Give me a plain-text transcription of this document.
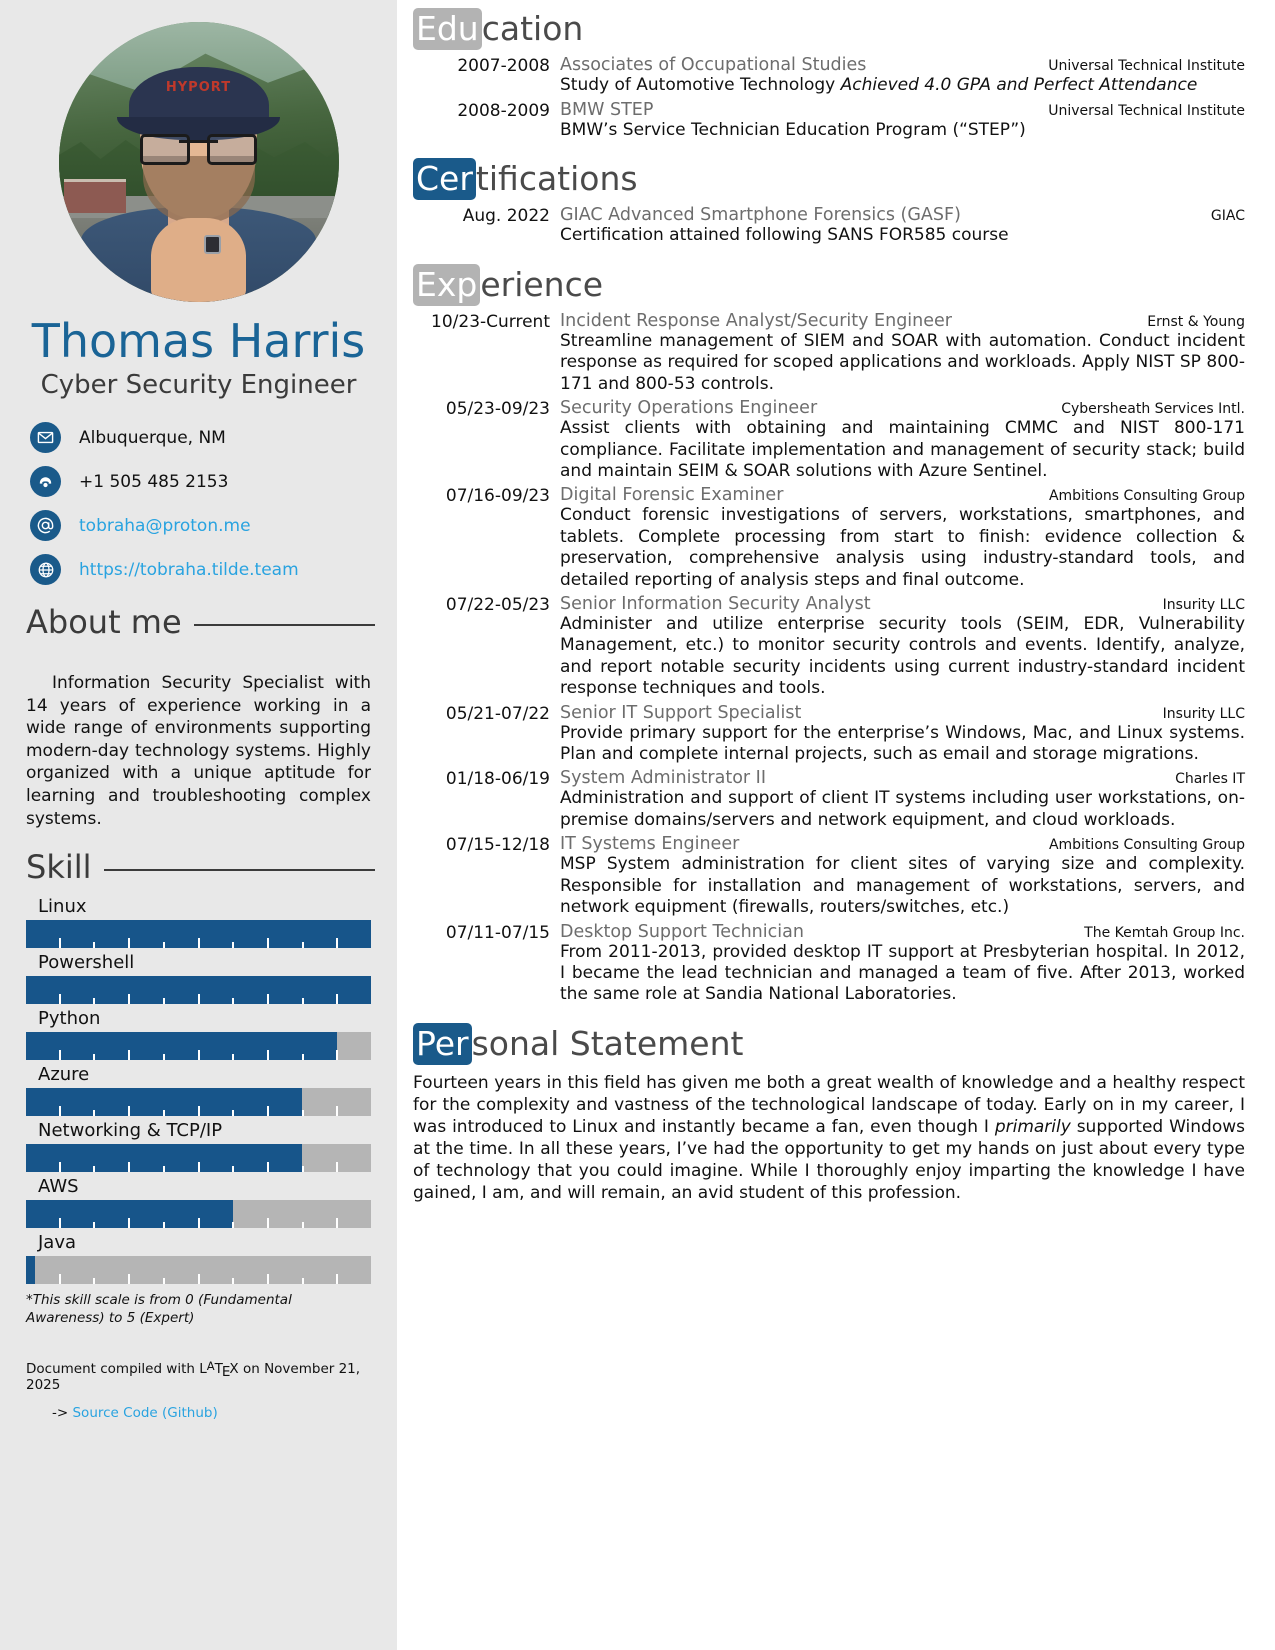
HYPORT
Thomas Harris
Cyber Security Engineer
Albuquerque, NM
+1 505 485 2153
tobraha@proton.me
https://tobraha.tilde.team
About me

Information Security Specialist with 14 years of experience working in a wide range of environments supporting modern-day technology systems. Highly organized with a unique aptitude for learning and troubleshooting complex systems.

Skill
Linux
Powershell
Python
Azure
Networking & TCP/IP
AWS
Java
*This skill scale is from 0 (Fundamental Awareness) to 5 (Expert)
Document compiled with LATEX on November 21, 2025
-> Source Code (Github)
Education
2007-2008 Associates of Occupational Studies	Universal Technical Institute
Study of Automotive Technology Achieved 4.0 GPA and Perfect Attendance
2008-2009 BMW STEP	Universal Technical Institute
BMW’s Service Technician Education Program (“STEP”)
Certifications
Aug. 2022 GIAC Advanced Smartphone Forensics (GASF)	GIAC
Certification attained following SANS FOR585 course
Experience
10/23-Current Incident Response Analyst/Security Engineer	Ernst & Young
Streamline management of SIEM and SOAR with automation. Conduct incident response as required for scoped applications and workloads. Apply NIST SP 800-171 and 800-53 controls.
05/23-09/23 Security Operations Engineer	Cybersheath Services Intl.
Assist clients with obtaining and maintaining CMMC and NIST 800-171 compliance. Facilitate implementation and management of security stack; build and maintain SEIM & SOAR solutions with Azure Sentinel.
07/16-09/23 Digital Forensic Examiner	Ambitions Consulting Group
Conduct forensic investigations of servers, workstations, smartphones, and tablets. Complete processing from start to finish: evidence collection & preservation, comprehensive analysis using industry-standard tools, and detailed reporting of analysis steps and final outcome.
07/22-05/23 Senior Information Security Analyst	Insurity LLC
Administer and utilize enterprise security tools (SEIM, EDR, Vulnerability Management, etc.) to monitor security controls and events. Identify, analyze, and report notable security incidents using current industry-standard incident response techniques and tools.
05/21-07/22 Senior IT Support Specialist	Insurity LLC
Provide primary support for the enterprise’s Windows, Mac, and Linux systems. Plan and complete internal projects, such as email and storage migrations.
01/18-06/19 System Administrator II	Charles IT
Administration and support of client IT systems including user workstations, on-premise domains/servers and network equipment, and cloud workloads.
07/15-12/18 IT Systems Engineer	Ambitions Consulting Group
MSP System administration for client sites of varying size and complexity. Responsible for installation and management of workstations, servers, and network equipment (firewalls, routers/switches, etc.)
07/11-07/15 Desktop Support Technician	The Kemtah Group Inc.
From 2011-2013, provided desktop IT support at Presbyterian hospital. In 2012, I became the lead technician and managed a team of five. After 2013, worked the same role at Sandia National Laboratories.
Personal Statement
Fourteen years in this field has given me both a great wealth of knowledge and a healthy respect for the complexity and vastness of the technological landscape of today. Early on in my career, I was introduced to Linux and instantly became a fan, even though I primarily supported Windows at the time. In all these years, I’ve had the opportunity to get my hands on just about every type of technology that you could imagine. While I thoroughly enjoy imparting the knowledge I have gained, I am, and will remain, an avid student of this profession.
